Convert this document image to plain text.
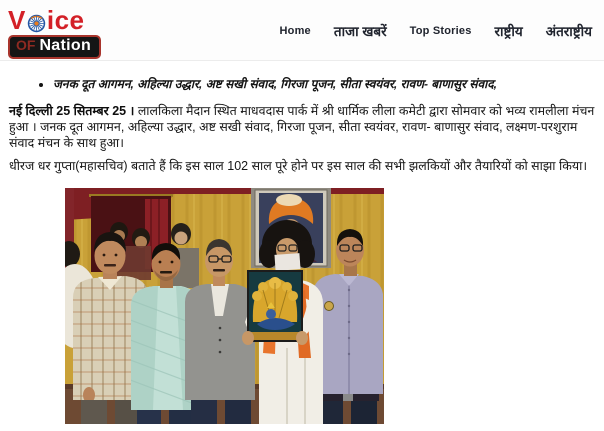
V ice
OF Nation
Home ताजा खबरें Top Stories राष्ट्रीय अंतराष्ट्रीय
• जनक दूत आगमन, अहिल्या उद्धार, अष्ट सखी संवाद, गिरजा पूजन, सीता स्वयंवर, रावण- बाणासुर संवाद,

नई दिल्ली 25 सितम्बर 25 । लालकिला मैदान स्थित माधवदास पार्क में श्री धार्मिक लीला कमेटी द्वारा सोमवार को भव्य रामलीला मंचन हुआ । जनक दूत आगमन, अहिल्या उद्धार, अष्ट सखी संवाद, गिरजा पूजन, सीता स्वयंवर, रावण- बाणासुर संवाद, लक्ष्मण-परशुराम संवाद मंचन के साथ हुआ।

धीरज धर गुप्ता(महासचिव) बताते हैं कि इस साल 102 साल पूरे होने पर इस साल की सभी झलकियों और तैयारियों को साझा किया।
